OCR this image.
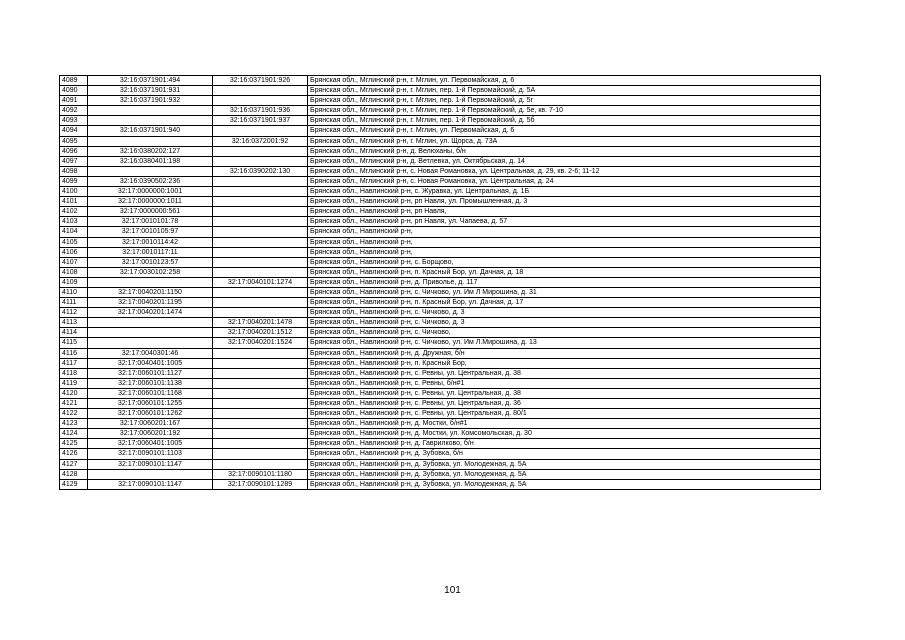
4089	32:16:0371901:494	32:16:0371901:926	Брянская обл., Мглинский р-н, г. Мглин, ул. Первомайская, д. 6
4090	32:16:0371901:931		Брянская обл., Мглинский р-н, г. Мглин, пер. 1-й Первомайский, д. 5А
4091	32:16:0371901:932		Брянская обл., Мглинский р-н, г. Мглин, пер. 1-й Первомайский, д. 5г
4092		32:16:0371901:936	Брянская обл., Мглинский р-н, г. Мглин, пер. 1-й Первомайский, д. 5е, кв. 7-10
4093		32:16:0371901:937	Брянская обл., Мглинский р-н, г. Мглин, пер. 1-й Первомайский, д. 5б
4094	32:16:0371901:940		Брянская обл., Мглинский р-н, г. Мглин, ул. Первомайская, д. 6
4095		32:16:0372001:92	Брянская обл., Мглинский р-н, г. Мглин, ул. Щорса, д. 73А
4096	32:16:0380202:127		Брянская обл., Мглинский р-н, д. Велюханы, б/н
4097	32:16:0380401:198		Брянская обл., Мглинский р-н, д. Ветлевка, ул. Октябрьская, д. 14
4098		32:16:0390202:130	Брянская обл., Мглинский р-н, с. Новая Романовка, ул. Центральная, д. 29, кв. 2-6; 11-12
4099	32:16:0390502:236		Брянская обл., Мглинский р-н, с. Новая Романовка, ул. Центральная, д. 24
4100	32:17:0000000:1001		Брянская обл., Навлинский р-н, с. Журавка, ул. Центральная, д. 1Б
4101	32:17:0000000:1011		Брянская обл., Навлинский р-н, рп Навля, ул. Промышленная, д. 3
4102	32:17:0000000:561		Брянская обл., Навлинский р-н, рп Навля,
4103	32:17:0010101:78		Брянская обл., Навлинский р-н, рп Навля, ул. Чапаева, д. 57
4104	32:17:0010105:97		Брянская обл., Навлинский р-н,
4105	32:17:0010114:42		Брянская обл., Навлинский р-н,
4106	32:17:0010117:11		Брянская обл., Навлинский р-н,
4107	32:17:0010123:57		Брянская обл., Навлинский р-н, с. Борщово,
4108	32:17:0030102:258		Брянская обл., Навлинский р-н, п. Красный Бор, ул. Дачная, д. 18
4109		32:17:0040101:1274	Брянская обл., Навлинский р-н, д. Приволье, д. 117
4110	32:17:0040201:1150		Брянская обл., Навлинский р-н, с. Чичково, ул. Им Л Мирошина, д. 31
4111	32:17:0040201:1195		Брянская обл., Навлинский р-н, п. Красный Бор, ул. Дачная, д. 17
4112	32:17:0040201:1474		Брянская обл., Навлинский р-н, с. Чичково, д. 3
4113		32:17:0040201:1478	Брянская обл., Навлинский р-н, с. Чичково, д. 3
4114		32:17:0040201:1512	Брянская обл., Навлинский р-н, с. Чичково,
4115		32:17:0040201:1524	Брянская обл., Навлинский р-н, с. Чичково, ул. Им Л.Мирошина, д. 13
4116	32:17:0040301:46		Брянская обл., Навлинский р-н, д. Дружная, б/н
4117	32:17:0040401:1005		Брянская обл., Навлинский р-н, п. Красный Бор,
4118	32:17:0060101:1127		Брянская обл., Навлинский р-н, с. Ревны, ул. Центральная, д. 38
4119	32:17:0060101:1138		Брянская обл., Навлинский р-н, с. Ревны, б/н#1
4120	32:17:0060101:1168		Брянская обл., Навлинский р-н, с. Ревны, ул. Центральная, д. 38
4121	32:17:0060101:1255		Брянская обл., Навлинский р-н, с. Ревны, ул. Центральная, д. 36
4122	32:17:0060101:1262		Брянская обл., Навлинский р-н, с. Ревны, ул. Центральная, д. 80/1
4123	32:17:0060201:167		Брянская обл., Навлинский р-н, д. Мостки, б/н#1
4124	32:17:0060201:192		Брянская обл., Навлинский р-н, д. Мостки, ул. Комсомольская, д. 30
4125	32:17:0060401:1005		Брянская обл., Навлинский р-н, д. Гаврилково, б/н
4126	32:17:0090101:1103		Брянская обл., Навлинский р-н, д. Зубовка, б/н
4127	32:17:0090101:1147		Брянская обл., Навлинский р-н, д. Зубовка, ул. Молодежная, д. 5А
4128		32:17:0090101:1180	Брянская обл., Навлинский р-н, д. Зубовка, ул. Молодежная, д. 5А
4129	32:17:0090101:1147	32:17:0090101:1289	Брянская обл., Навлинский р-н, д. Зубовка, ул. Молодежная, д. 5А
101
